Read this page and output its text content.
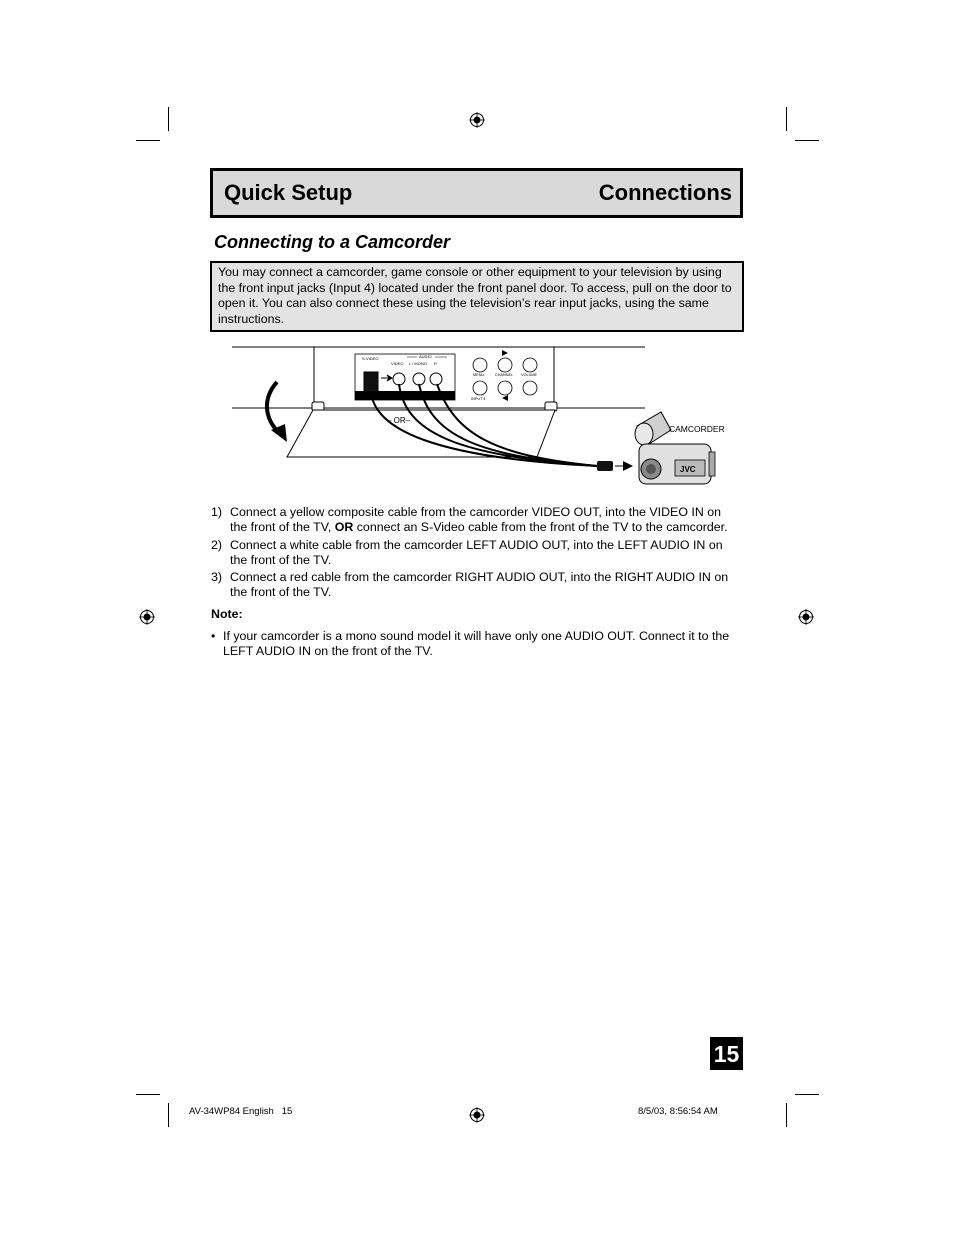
Quick Setup	Connections
Connecting to a Camcorder
You may connect a camcorder, game console or other equipment to your television by using the front input jacks (Input 4) located under the front panel door. To access, pull on the door to open it. You can also connect these using the television’s rear input jacks, using the same instructions.
S-VIDEO	AUDIO
VIDEO L / MONO R
MENU	CHANNEL VOLUME
INPUT 4
– OR–
JVC
CAMCORDER
1) Connect a yellow composite cable from the camcorder VIDEO OUT, into the VIDEO IN on the front of the TV, OR connect an S-Video cable from the front of the TV to the camcorder.
2) Connect a white cable from the camcorder LEFT AUDIO OUT, into the LEFT AUDIO IN on the front of the TV.
3) Connect a red cable from the camcorder RIGHT AUDIO OUT, into the RIGHT AUDIO IN on the front of the TV.
Note:
• If your camcorder is a mono sound model it will have only one AUDIO OUT. Connect it to the LEFT AUDIO IN on the front of the TV.
15
AV-34WP84 English   15	8/5/03, 8:56:54 AM
